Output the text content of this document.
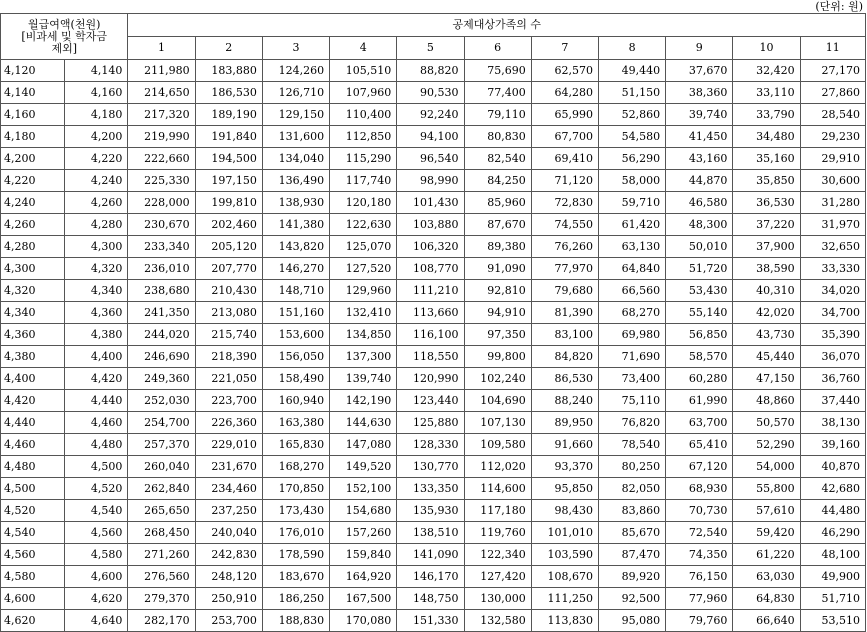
(단위: 원)
월급여액(천원)
[비과세 및 학자금
제외]		공제대상가족의 수										
		1	2	3	4	5	6	7	8	9	10	11
4,120	4,140	211,980	183,880	124,260	105,510	88,820	75,690	62,570	49,440	37,670	32,420	27,170
4,140	4,160	214,650	186,530	126,710	107,960	90,530	77,400	64,280	51,150	38,360	33,110	27,860
4,160	4,180	217,320	189,190	129,150	110,400	92,240	79,110	65,990	52,860	39,740	33,790	28,540
4,180	4,200	219,990	191,840	131,600	112,850	94,100	80,830	67,700	54,580	41,450	34,480	29,230
4,200	4,220	222,660	194,500	134,040	115,290	96,540	82,540	69,410	56,290	43,160	35,160	29,910
4,220	4,240	225,330	197,150	136,490	117,740	98,990	84,250	71,120	58,000	44,870	35,850	30,600
4,240	4,260	228,000	199,810	138,930	120,180	101,430	85,960	72,830	59,710	46,580	36,530	31,280
4,260	4,280	230,670	202,460	141,380	122,630	103,880	87,670	74,550	61,420	48,300	37,220	31,970
4,280	4,300	233,340	205,120	143,820	125,070	106,320	89,380	76,260	63,130	50,010	37,900	32,650
4,300	4,320	236,010	207,770	146,270	127,520	108,770	91,090	77,970	64,840	51,720	38,590	33,330
4,320	4,340	238,680	210,430	148,710	129,960	111,210	92,810	79,680	66,560	53,430	40,310	34,020
4,340	4,360	241,350	213,080	151,160	132,410	113,660	94,910	81,390	68,270	55,140	42,020	34,700
4,360	4,380	244,020	215,740	153,600	134,850	116,100	97,350	83,100	69,980	56,850	43,730	35,390
4,380	4,400	246,690	218,390	156,050	137,300	118,550	99,800	84,820	71,690	58,570	45,440	36,070
4,400	4,420	249,360	221,050	158,490	139,740	120,990	102,240	86,530	73,400	60,280	47,150	36,760
4,420	4,440	252,030	223,700	160,940	142,190	123,440	104,690	88,240	75,110	61,990	48,860	37,440
4,440	4,460	254,700	226,360	163,380	144,630	125,880	107,130	89,950	76,820	63,700	50,570	38,130
4,460	4,480	257,370	229,010	165,830	147,080	128,330	109,580	91,660	78,540	65,410	52,290	39,160
4,480	4,500	260,040	231,670	168,270	149,520	130,770	112,020	93,370	80,250	67,120	54,000	40,870
4,500	4,520	262,840	234,460	170,850	152,100	133,350	114,600	95,850	82,050	68,930	55,800	42,680
4,520	4,540	265,650	237,250	173,430	154,680	135,930	117,180	98,430	83,860	70,730	57,610	44,480
4,540	4,560	268,450	240,040	176,010	157,260	138,510	119,760	101,010	85,670	72,540	59,420	46,290
4,560	4,580	271,260	242,830	178,590	159,840	141,090	122,340	103,590	87,470	74,350	61,220	48,100
4,580	4,600	276,560	248,120	183,670	164,920	146,170	127,420	108,670	89,920	76,150	63,030	49,900
4,600	4,620	279,370	250,910	186,250	167,500	148,750	130,000	111,250	92,500	77,960	64,830	51,710
4,620	4,640	282,170	253,700	188,830	170,080	151,330	132,580	113,830	95,080	79,760	66,640	53,510
